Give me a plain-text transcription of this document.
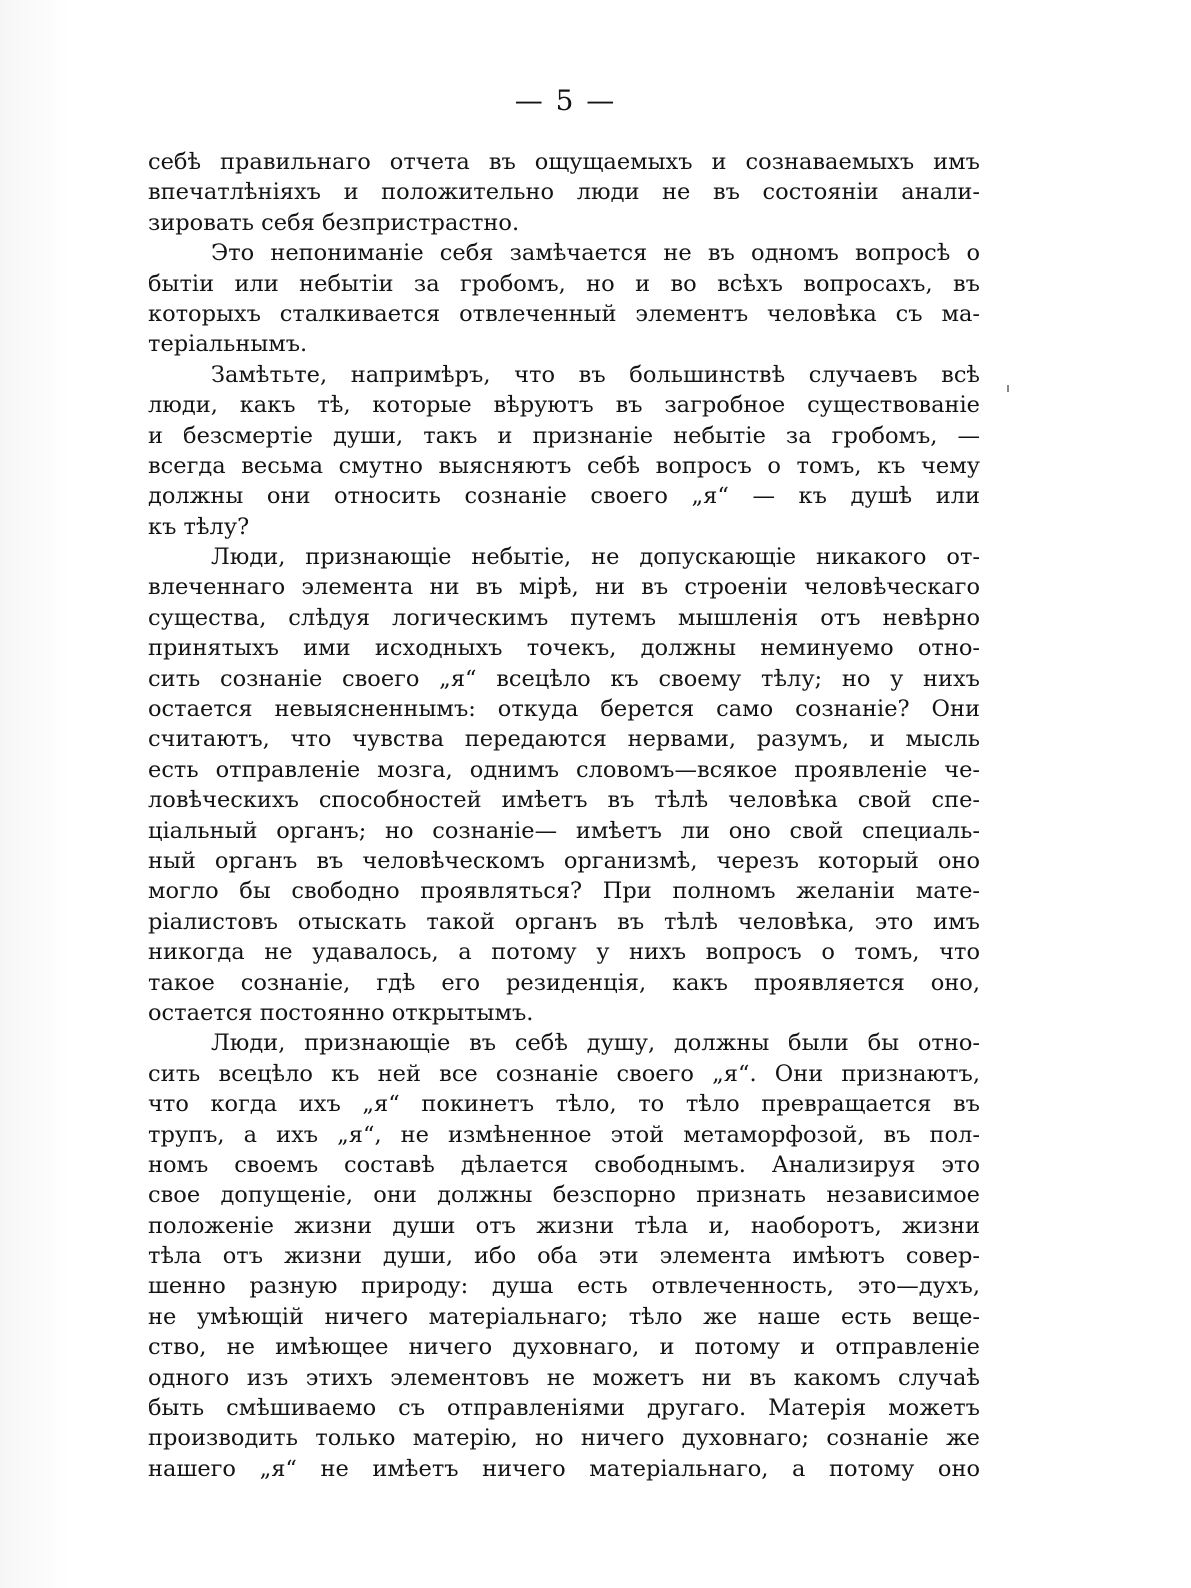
— 5 —
себѣ правильнаго отчета въ ощущаемыхъ и сознаваемыхъ имъ
впечатлѣніяхъ и положительно люди не въ состояніи анали-
зировать себя безпристрастно.
Это непониманіе себя замѣчается не въ одномъ вопросѣ о
бытіи или небытіи за гробомъ, но и во всѣхъ вопросахъ, въ
которыхъ сталкивается отвлеченный элементъ человѣка съ ма-
теріальнымъ.
Замѣтьте, напримѣръ, что въ большинствѣ случаевъ всѣ
люди, какъ тѣ, которые вѣруютъ въ загробное существованіе
и безсмертіе души, такъ и признаніе небытіе за гробомъ, —
всегда весьма смутно выясняютъ себѣ вопросъ о томъ, къ чему
должны они относить сознаніе своего „я“ — къ душѣ или
къ тѣлу?
Люди, признающіе небытіе, не допускающіе никакого от-
влеченнаго элемента ни въ мірѣ, ни въ строеніи человѣческаго
существа, слѣдуя логическимъ путемъ мышленія отъ невѣрно
принятыхъ ими исходныхъ точекъ, должны неминуемо отно-
сить сознаніе своего „я“ всецѣло къ своему тѣлу; но у нихъ
остается невыясненнымъ: откуда берется само сознаніе? Они
считаютъ, что чувства передаются нервами, разумъ, и мысль
есть отправленіе мозга, однимъ словомъ—всякое проявленіе че-
ловѣческихъ способностей имѣетъ въ тѣлѣ человѣка свой спе-
ціальный органъ; но сознаніе— имѣетъ ли оно свой специаль-
ный органъ въ человѣческомъ организмѣ, черезъ который оно
могло бы свободно проявляться? При полномъ желаніи мате-
ріалистовъ отыскать такой органъ въ тѣлѣ человѣка, это имъ
никогда не удавалось, а потому у нихъ вопросъ о томъ, что
такое сознаніе, гдѣ его резиденція, какъ проявляется оно,
остается постоянно открытымъ.
Люди, признающіе въ себѣ душу, должны были бы отно-
сить всецѣло къ ней все сознаніе своего „я“. Они признаютъ,
что когда ихъ „я“ покинетъ тѣло, то тѣло превращается въ
трупъ, а ихъ „я“, не измѣненное этой метаморфозой, въ пол-
номъ своемъ составѣ дѣлается свободнымъ. Анализируя это
свое допущеніе, они должны безспорно признать независимое
положеніе жизни души отъ жизни тѣла и, наоборотъ, жизни
тѣла отъ жизни души, ибо оба эти элемента имѣютъ совер-
шенно разную природу: душа есть отвлеченность, это—духъ,
не умѣющій ничего матеріальнаго; тѣло же наше есть веще-
ство, не имѣющее ничего духовнаго, и потому и отправленіе
одного изъ этихъ элементовъ не можетъ ни въ какомъ случаѣ
быть смѣшиваемо съ отправленіями другаго. Матерія можетъ
производить только матерію, но ничего духовнаго; сознаніе же
нашего „я“ не имѣетъ ничего матеріальнаго, а потому оно
